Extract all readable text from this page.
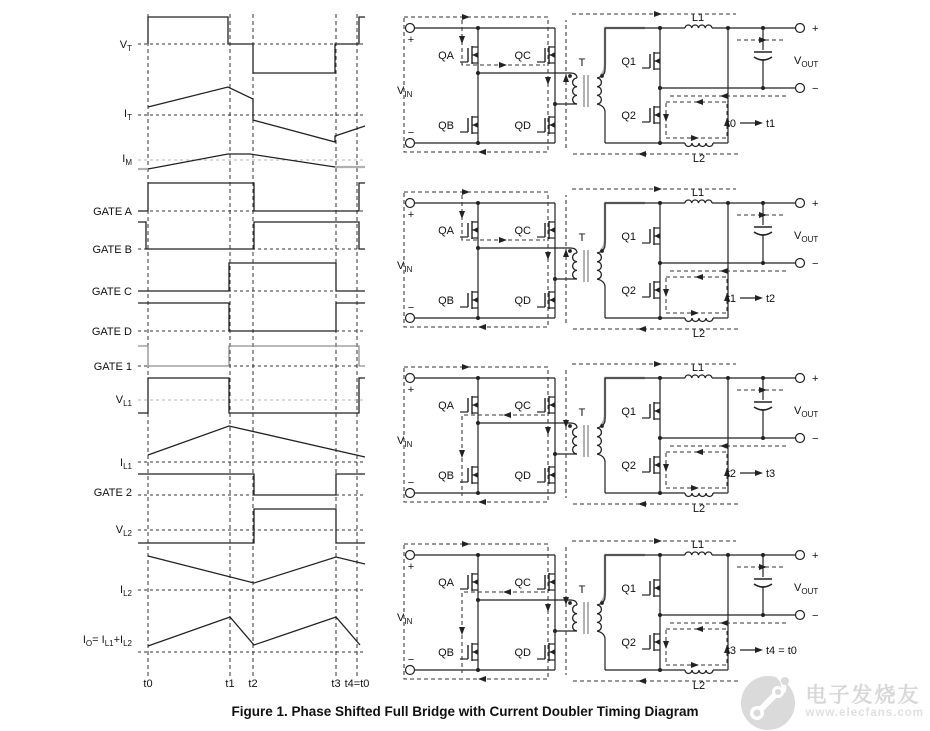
t0	t1 t2	t3 t4=t0
$V_T$
$I_T$
$I_M$
GATE A
GATE B
GATE C
GATE D
GATE 1
$V_{L1}$
$I_{L1}$
GATE 2
$V_{L2}$
$I_{L2}$
$I_O= I_{L1}+I_{L2}$
+
−
$V_{IN}$
QA
QB
QC
QD
T
L1
L2
Q1
Q2
+
−
$V_{OUT}$
t0	t1
+
−
$V_{IN}$
QA
QB
QC
QD
T
L1
L2
Q1
Q2
+
−
$V_{OUT}$
t1	t2
+
−
$V_{IN}$
QA
QB
QC
QD
T
L1
L2
Q1
Q2
+
−
$V_{OUT}$
t2	t3
+
−
$V_{IN}$
QA
QB
QC
QD
T
L1
L2
Q1
Q2
+
−
$V_{OUT}$
t3	t4 = t0
Figure 1. Phase Shifted Full Bridge with Current Doubler Timing Diagram
电子发烧友
www.elecfans.com
